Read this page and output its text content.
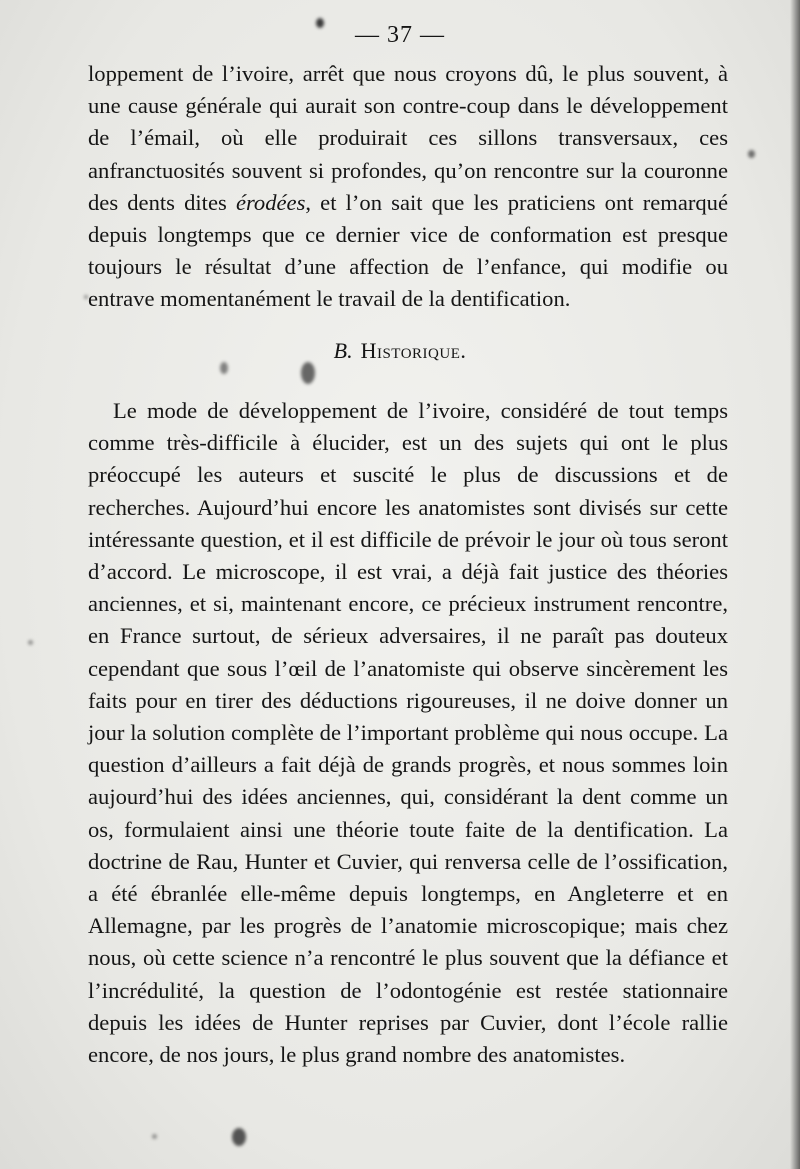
— 37 —

loppement de l’ivoire, arrêt que nous croyons dû, le plus souvent, à une cause générale qui aurait son contre-coup dans le développement de l’émail, où elle produirait ces sillons transversaux, ces anfranctuosités souvent si profondes, qu’on rencontre sur la couronne des dents dites érodées, et l’on sait que les praticiens ont remarqué depuis longtemps que ce dernier vice de conformation est presque toujours le résultat d’une affection de l’enfance, qui modifie ou entrave momentanément le travail de la dentification.

B. Historique.

Le mode de développement de l’ivoire, considéré de tout temps comme très-difficile à élucider, est un des sujets qui ont le plus préoccupé les auteurs et suscité le plus de discussions et de recherches. Aujourd’hui encore les anatomistes sont divisés sur cette intéressante question, et il est difficile de prévoir le jour où tous seront d’accord. Le microscope, il est vrai, a déjà fait justice des théories anciennes, et si, maintenant encore, ce précieux instrument rencontre, en France surtout, de sérieux adversaires, il ne paraît pas douteux cependant que sous l’œil de l’anatomiste qui observe sincèrement les faits pour en tirer des déductions rigoureuses, il ne doive donner un jour la solution complète de l’important problème qui nous occupe. La question d’ailleurs a fait déjà de grands progrès, et nous sommes loin aujourd’hui des idées anciennes, qui, considérant la dent comme un os, formulaient ainsi une théorie toute faite de la dentification. La doctrine de Rau, Hunter et Cuvier, qui renversa celle de l’ossification, a été ébranlée elle-même depuis longtemps, en Angleterre et en Allemagne, par les progrès de l’anatomie microscopique; mais chez nous, où cette science n’a rencontré le plus souvent que la défiance et l’incrédulité, la question de l’odontogénie est restée stationnaire depuis les idées de Hunter reprises par Cuvier, dont l’école rallie encore, de nos jours, le plus grand nombre des anatomistes.
